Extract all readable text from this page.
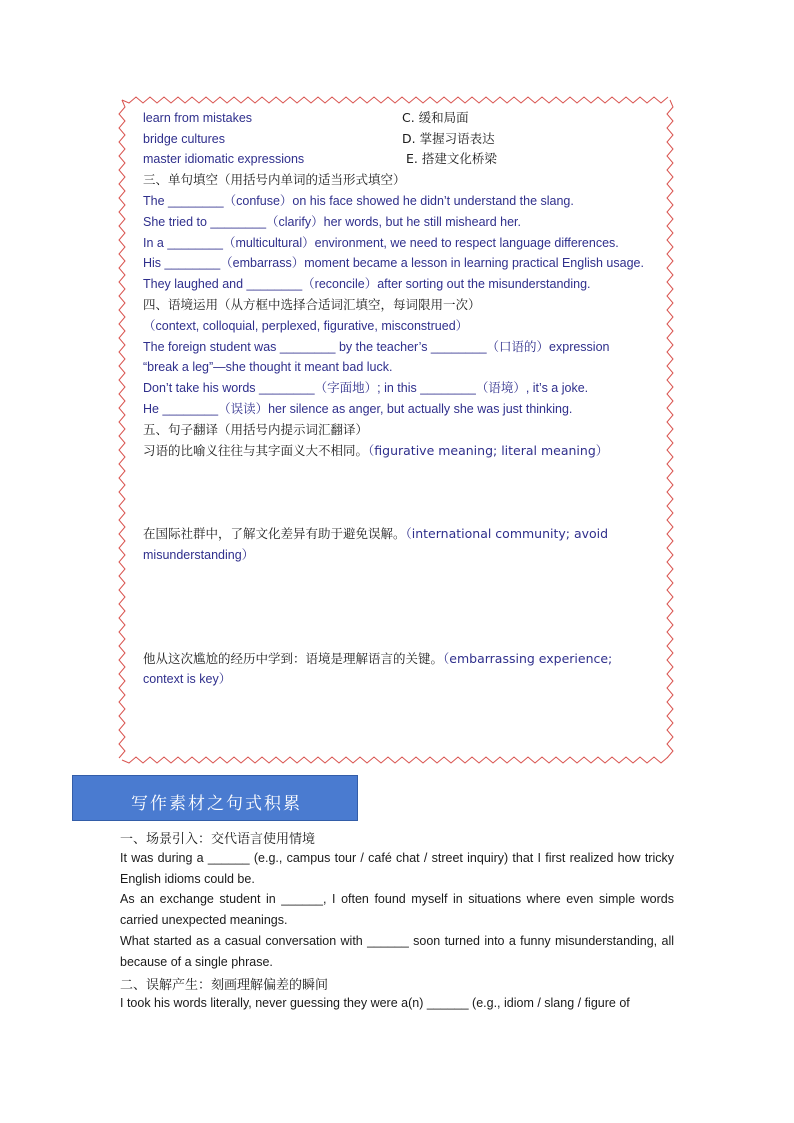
learn from mistakes	C. 缓和局面
bridge cultures	D. 掌握习语表达
master idiomatic expressions	E. 搭建文化桥梁
三、单句填空（用括号内单词的适当形式填空）
The ________（confuse）on his face showed he didn’t understand the slang.
She tried to ________（clarify）her words, but he still misheard her.
In a ________（multicultural）environment, we need to respect language differences.
His ________（embarrass）moment became a lesson in learning practical English usage.
They laughed and ________（reconcile）after sorting out the misunderstanding.
四、语境运用（从方框中选择合适词汇填空，每词限用一次）
（context, colloquial, perplexed, figurative, misconstrued）
The foreign student was ________ by the teacher’s ________（口语的）expression
“break a leg”—she thought it meant bad luck.
Don’t take his words ________（字面地）; in this ________（语境）, it’s a joke.
He ________（误读）her silence as anger, but actually she was just thinking.
五、句子翻译（用括号内提示词汇翻译）
习语的比喻义往往与其字面义大不相同。（figurative meaning; literal meaning）
在国际社群中，了解文化差异有助于避免误解。（international community; avoid
misunderstanding）
他从这次尴尬的经历中学到：语境是理解语言的关键。（embarrassing experience;
context is key）
写作素材之句式积累
一、场景引入：交代语言使用情境
It was during a ______ (e.g., campus tour / café chat / street inquiry) that I first realized how tricky English idioms could be.
As an exchange student in ______, I often found myself in situations where even simple words carried unexpected meanings.
What started as a casual conversation with ______ soon turned into a funny misunderstanding, all because of a single phrase.
二、误解产生：刻画理解偏差的瞬间
I took his words literally, never guessing they were a(n) ______ (e.g., idiom / slang / figure of
